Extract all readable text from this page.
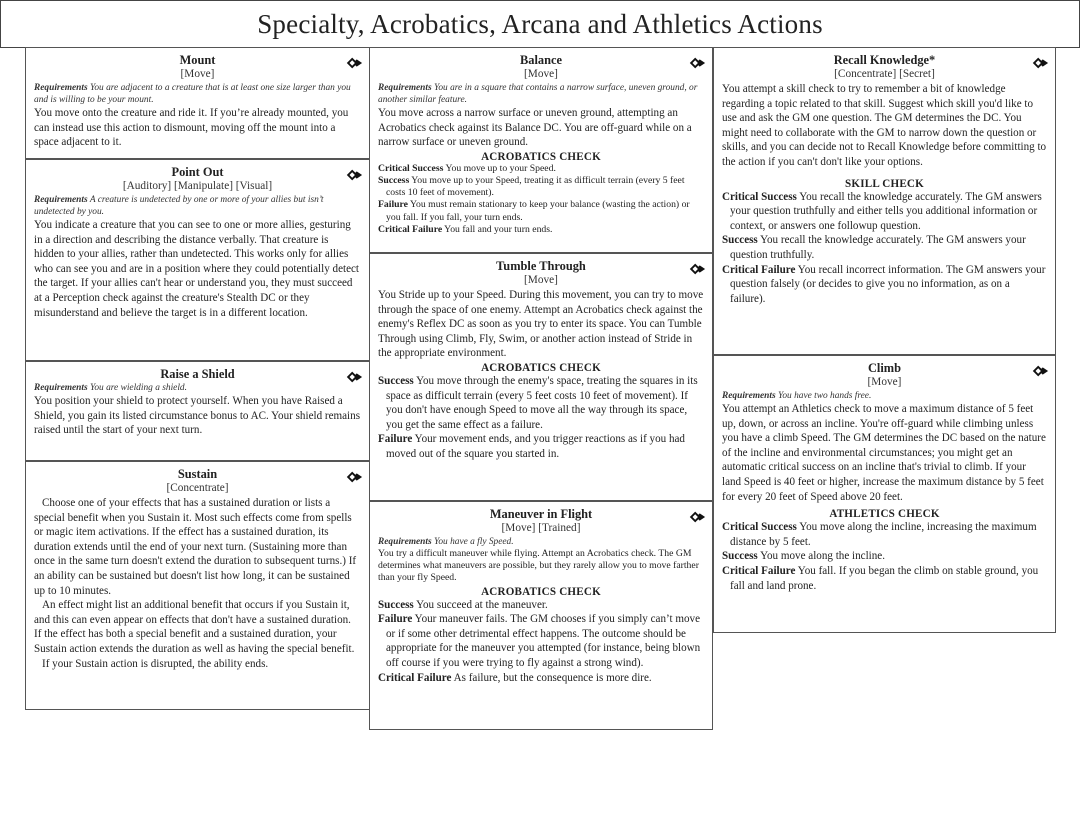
Specialty, Acrobatics, Arcana and Athletics Actions
Mount
[Move]
Requirements You are adjacent to a creature that is at least one size larger than you and is willing to be your mount.
You move onto the creature and ride it. If you’re already mounted, you can instead use this action to dismount, moving off the mount into a space adjacent to it.
Point Out
[Auditory] [Manipulate] [Visual]
Requirements A creature is undetected by one or more of your allies but isn’t undetected by you.
You indicate a creature that you can see to one or more allies, gesturing in a direction and describing the distance verbally. That creature is hidden to your allies, rather than undetected. This works only for allies who can see you and are in a position where they could potentially detect the target. If your allies can't hear or understand you, they must succeed at a Perception check against the creature's Stealth DC or they misunderstand and believe the target is in a different location.
Raise a Shield
Requirements You are wielding a shield.
You position your shield to protect yourself. When you have Raised a Shield, you gain its listed circumstance bonus to AC. Your shield remains raised until the start of your next turn.
Sustain
[Concentrate]

Choose one of your effects that has a sustained duration or lists a special benefit when you Sustain it. Most such effects come from spells or magic item activations. If the effect has a sustained duration, its duration extends until the end of your next turn. (Sustaining more than once in the same turn doesn't extend the duration to subsequent turns.) If an ability can be sustained but doesn't list how long, it can be sustained up to 10 minutes.

An effect might list an additional benefit that occurs if you Sustain it, and this can even appear on effects that don't have a sustained duration. If the effect has both a special benefit and a sustained duration, your Sustain action extends the duration as well as having the special benefit.

If your Sustain action is disrupted, the ability ends.

Balance
[Move]
Requirements You are in a square that contains a narrow surface, uneven ground, or another similar feature.
You move across a narrow surface or uneven ground, attempting an Acrobatics check against its Balance DC. You are off-guard while on a narrow surface or uneven ground.
ACROBATICS CHECK
Critical Success You move up to your Speed.
Success You move up to your Speed, treating it as difficult terrain (every 5 feet costs 10 feet of movement).
Failure You must remain stationary to keep your balance (wasting the action) or you fall. If you fall, your turn ends.
Critical Failure You fall and your turn ends.
Tumble Through
[Move]
You Stride up to your Speed. During this movement, you can try to move through the space of one enemy. Attempt an Acrobatics check against the enemy's Reflex DC as soon as you try to enter its space. You can Tumble Through using Climb, Fly, Swim, or another action instead of Stride in the appropriate environment.
ACROBATICS CHECK
Success You move through the enemy's space, treating the squares in its space as difficult terrain (every 5 feet costs 10 feet of movement). If you don't have enough Speed to move all the way through its space, you get the same effect as a failure.
Failure Your movement ends, and you trigger reactions as if you had moved out of the square you started in.
Maneuver in Flight
[Move] [Trained]
Requirements You have a fly Speed.
You try a difficult maneuver while flying. Attempt an Acrobatics check. The GM determines what maneuvers are possible, but they rarely allow you to move farther than your fly Speed.
ACROBATICS CHECK
Success You succeed at the maneuver.
Failure Your maneuver fails. The GM chooses if you simply can’t move or if some other detrimental effect happens. The outcome should be appropriate for the maneuver you attempted (for instance, being blown off course if you were trying to fly against a strong wind).
Critical Failure As failure, but the consequence is more dire.
Recall Knowledge*
[Concentrate] [Secret]
You attempt a skill check to try to remember a bit of knowledge regarding a topic related to that skill. Suggest which skill you'd like to use and ask the GM one question. The GM determines the DC. You might need to collaborate with the GM to narrow down the question or skills, and you can decide not to Recall Knowledge before committing to the action if you can't don't like your options.
SKILL CHECK
Critical Success You recall the knowledge accurately. The GM answers your question truthfully and either tells you additional information or context, or answers one followup question.
Success You recall the knowledge accurately. The GM answers your question truthfully.
Critical Failure You recall incorrect information. The GM answers your question falsely (or decides to give you no information, as on a failure).
Climb
[Move]
Requirements You have two hands free.
You attempt an Athletics check to move a maximum distance of 5 feet up, down, or across an incline. You're off-guard while climbing unless you have a climb Speed. The GM determines the DC based on the nature of the incline and environmental circumstances; you might get an automatic critical success on an incline that's trivial to climb. If your land Speed is 40 feet or higher, increase the maximum distance by 5 feet for every 20 feet of Speed above 20 feet.
ATHLETICS CHECK
Critical Success You move along the incline, increasing the maximum distance by 5 feet.
Success You move along the incline.
Critical Failure You fall. If you began the climb on stable ground, you fall and land prone.
